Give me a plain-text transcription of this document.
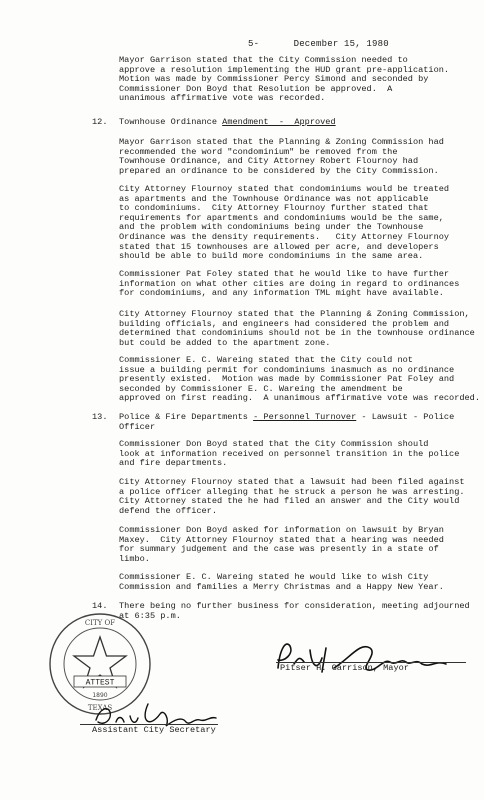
5-	December 15, 1980

Mayor Garrison stated that the City Commission needed to

approve a resolution implementing the HUD grant pre-application.

Motion was made by Commissioner Percy Simond and seconded by

Commissioner Don Boyd that Resolution be approved.  A

unanimous affirmative vote was recorded.

12. Townhouse Ordinance Amendment  -  Approved

Mayor Garrison stated that the Planning & Zoning Commission had

recommended the word "condominium" be removed from the

Townhouse Ordinance, and City Attorney Robert Flournoy had

prepared an ordinance to be considered by the City Commission.

City Attorney Flournoy stated that condominiums would be treated

as apartments and the Townhouse Ordinance was not applicable

to condominiums.  City Attorney Flournoy further stated that

requirements for apartments and condominiums would be the same,

and the problem with condominiums being under the Townhouse

Ordinance was the density requirements.   City Attorney Flournoy

stated that 15 townhouses are allowed per acre, and developers

should be able to build more condominiums in the same area.

Commissioner Pat Foley stated that he would like to have further

information on what other cities are doing in regard to ordinances

for condominiums, and any information TML might have available.

City Attorney Flournoy stated that the Planning & Zoning Commission,

building officials, and engineers had considered the problem and

determined that condominiums should not be in the townhouse ordinance

but could be added to the apartment zone.

Commissioner E. C. Wareing stated that the City could not

issue a building permit for condominiums inasmuch as no ordinance

presently existed.  Motion was made by Commissioner Pat Foley and

seconded by Commissioner E. C. Wareing the amendment be

approved on first reading.  A unanimous affirmative vote was recorded.

13. Police & Fire Departments - Personnel Turnover - Lawsuit - Police
Officer

Commissioner Don Boyd stated that the City Commission should

look at information received on personnel transition in the police

and fire departments.

City Attorney Flournoy stated that a lawsuit had been filed against

a police officer alleging that he struck a person he was arresting.

City Attorney stated the he had filed an answer and the City would

defend the officer.

Commissioner Don Boyd asked for information on lawsuit by Bryan

Maxey.  City Attorney Flournoy stated that a hearing was needed

for summary judgement and the case was presently in a state of

limbo.

Commissioner E. C. Wareing stated he would like to wish City

Commission and families a Merry Christmas and a Happy New Year.

14. There being no further business for consideration, meeting adjourned

at 6:35 p.m.

CITY OF
TEXAS
1890
ATTEST
Pitser H. Garrison, Mayor
Assistant City Secretary
